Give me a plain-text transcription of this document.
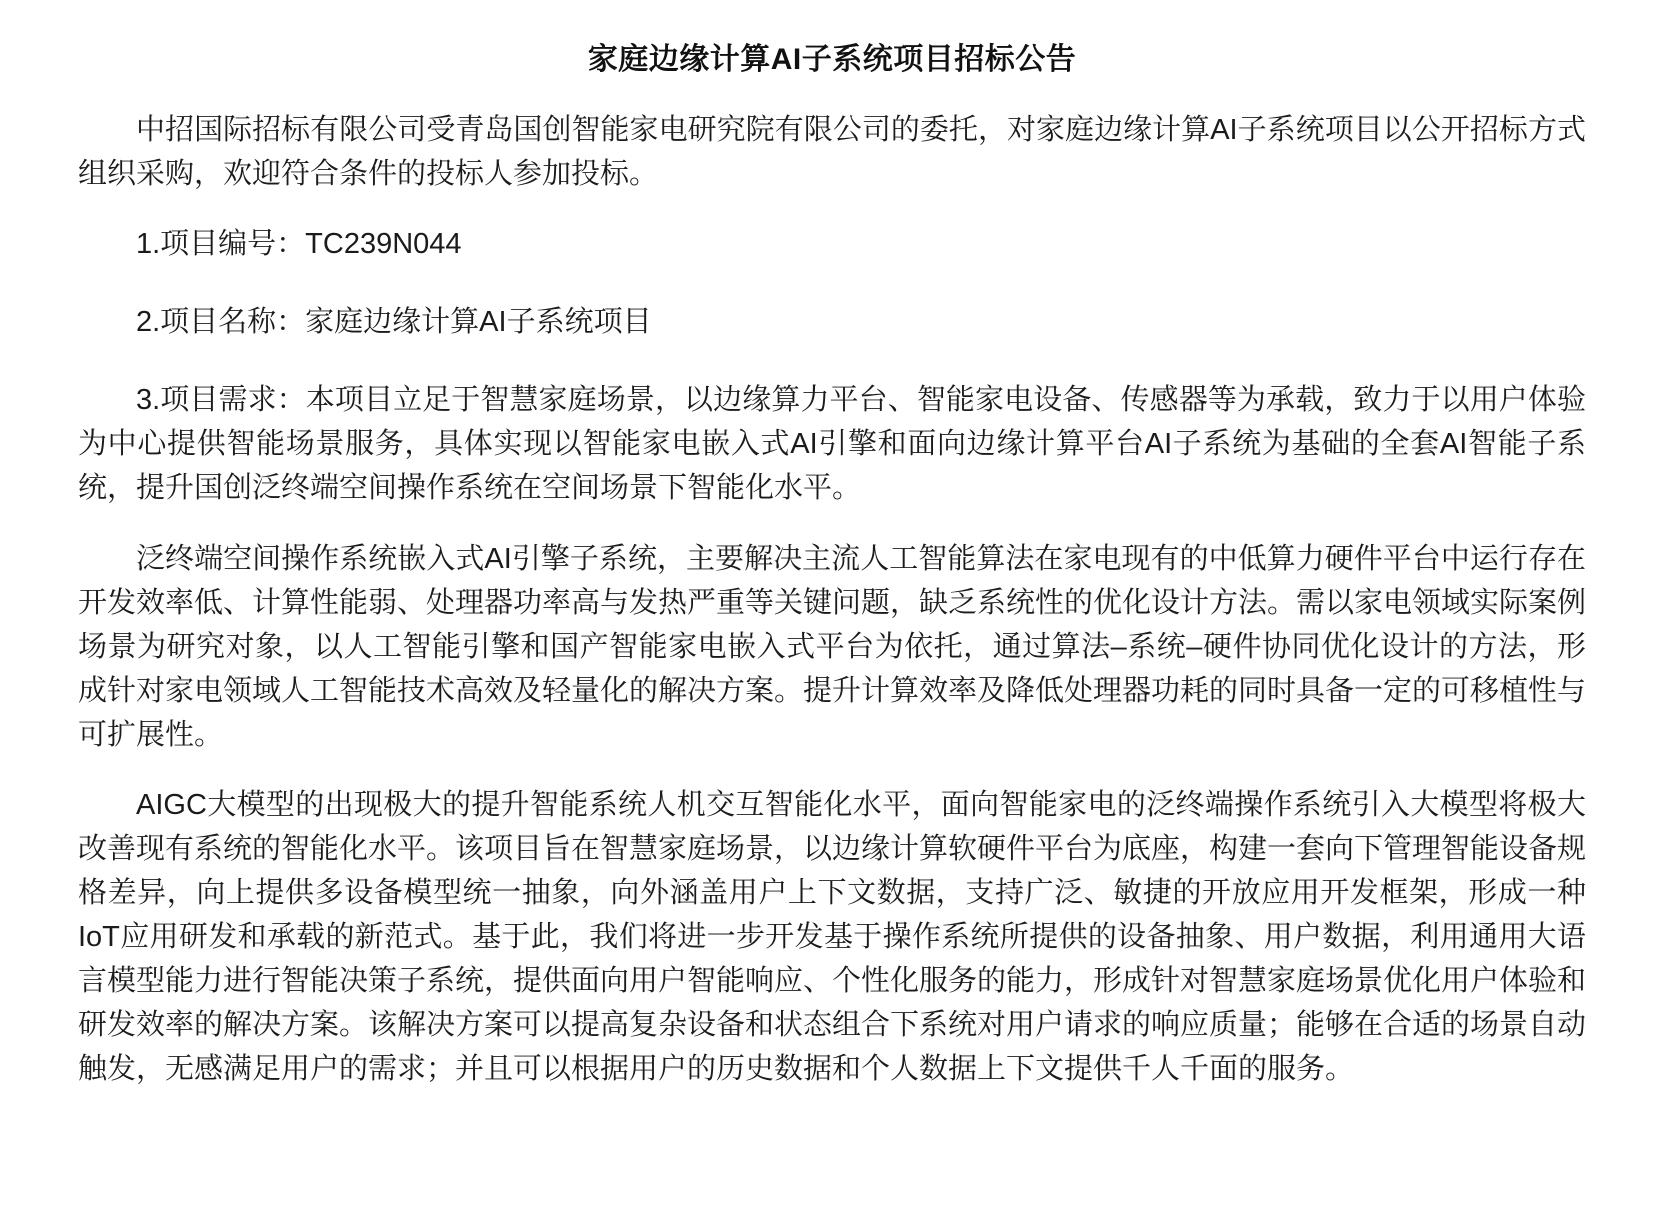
家庭边缘计算AI子系统项目招标公告

中招国际招标有限公司受青岛国创智能家电研究院有限公司的委托，对家庭边缘计算AI子系统项目以公开招标方式组织采购，欢迎符合条件的投标人参加投标。

1.项目编号：TC239N044

2.项目名称：家庭边缘计算AI子系统项目

3.项目需求：本项目立足于智慧家庭场景，以边缘算力平台、智能家电设备、传感器等为承载，致力于以用户体验为中心提供智能场景服务，具体实现以智能家电嵌入式AI引擎和面向边缘计算平台AI子系统为基础的全套AI智能子系统，提升国创泛终端空间操作系统在空间场景下智能化水平。

泛终端空间操作系统嵌入式AI引擎子系统，主要解决主流人工智能算法在家电现有的中低算力硬件平台中运行存在开发效率低、计算性能弱、处理器功率高与发热严重等关键问题，缺乏系统性的优化设计方法。需以家电领域实际案例场景为研究对象，以人工智能引擎和国产智能家电嵌入式平台为依托，通过算法–系统–硬件协同优化设计的方法，形成针对家电领域人工智能技术高效及轻量化的解决方案。提升计算效率及降低处理器功耗的同时具备一定的可移植性与可扩展性。

AIGC大模型的出现极大的提升智能系统人机交互智能化水平，面向智能家电的泛终端操作系统引入大模型将极大改善现有系统的智能化水平。该项目旨在智慧家庭场景，以边缘计算软硬件平台为底座，构建一套向下管理智能设备规格差异，向上提供多设备模型统一抽象，向外涵盖用户上下文数据，支持广泛、敏捷的开放应用开发框架，形成一种IoT应用研发和承载的新范式。基于此，我们将进一步开发基于操作系统所提供的设备抽象、用户数据，利用通用大语言模型能力进行智能决策子系统，提供面向用户智能响应、个性化服务的能力，形成针对智慧家庭场景优化用户体验和研发效率的解决方案。该解决方案可以提高复杂设备和状态组合下系统对用户请求的响应质量；能够在合适的场景自动触发，无感满足用户的需求；并且可以根据用户的历史数据和个人数据上下文提供千人千面的服务。
